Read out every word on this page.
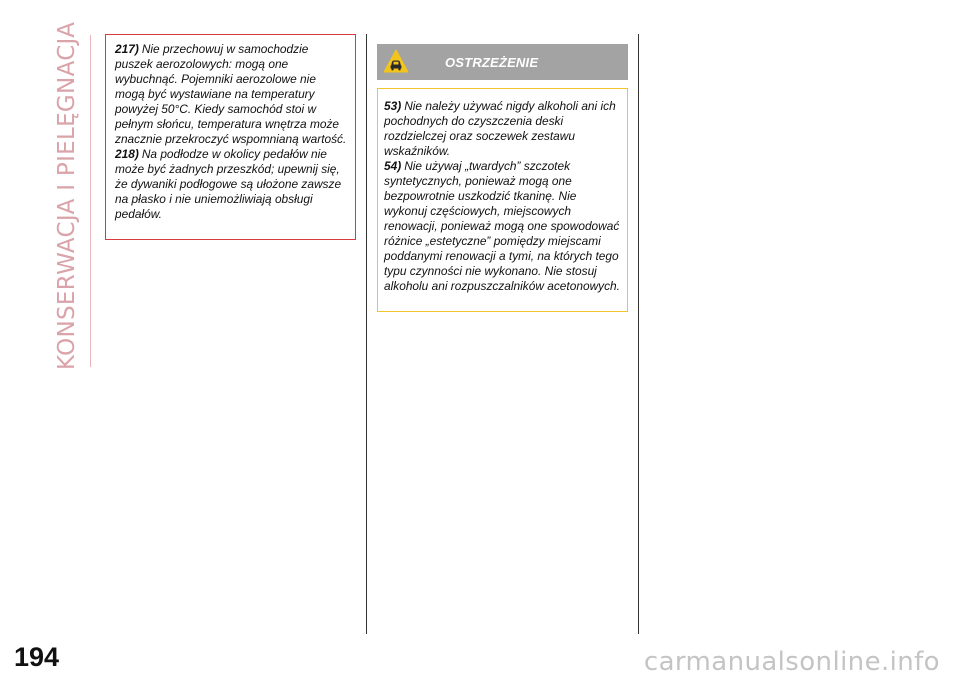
KONSERWACJA I PIELĘGNACJA	217) Nie przechowuj w samochodzie puszek aerozolowych: mogą one wybuchnąć. Pojemniki aerozolowe nie mogą być wystawiane na temperatury powyżej 50°C. Kiedy samochód stoi w pełnym słońcu, temperatura wnętrza może znacznie przekroczyć wspomnianą wartość.

218) Na podłodze w okolicy pedałów nie może być żadnych przeszkód; upewnij się, że dywaniki podłogowe są ułożone zawsze na płasko i nie uniemożliwiają obsługi pedałów.

OSTRZEŻENIE

53) Nie należy używać nigdy alkoholi ani ich pochodnych do czyszczenia deski rozdzielczej oraz soczewek zestawu wskaźników.

54) Nie używaj „twardych” szczotek syntetycznych, ponieważ mogą one bezpowrotnie uszkodzić tkaninę. Nie wykonuj częściowych, miejscowych renowacji, ponieważ mogą one spowodować różnice „estetyczne” pomiędzy miejscami poddanymi renowacji a tymi, na których tego typu czynności nie wykonano. Nie stosuj alkoholu ani rozpuszczalników acetonowych.

194	carmanualsonline.info
